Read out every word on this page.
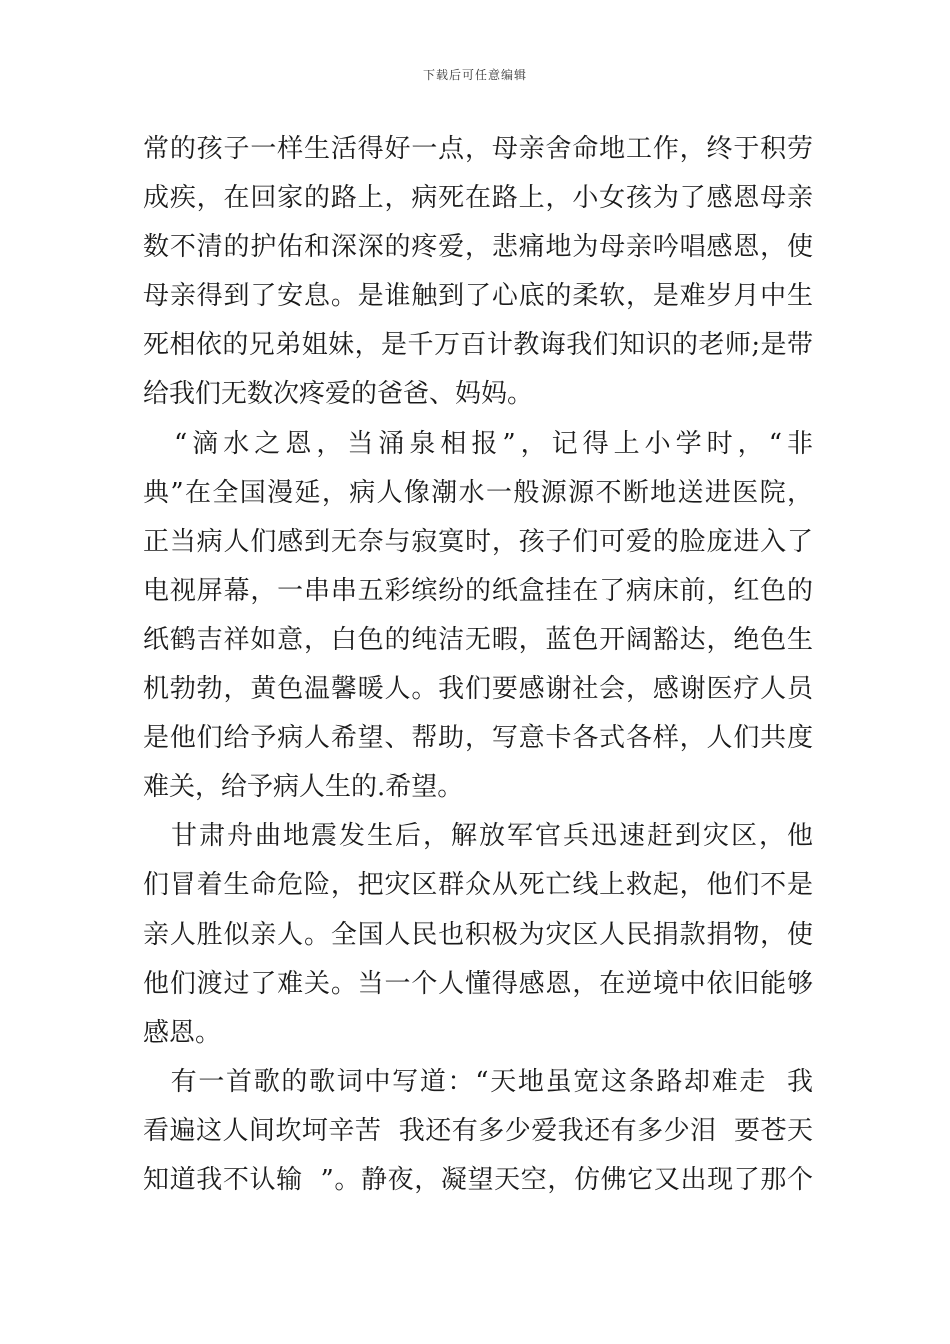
下载后可任意编辑
常的孩子一样生活得好一点，母亲舍命地工作，终于积劳
成疾，在回家的路上，病死在路上，小女孩为了感恩母亲
数不清的护佑和深深的疼爱，悲痛地为母亲吟唱感恩，使
母亲得到了安息。是谁触到了心底的柔软，是难岁月中生
死相依的兄弟姐妹，是千万百计教诲我们知识的老师;是带
给我们无数次疼爱的爸爸、妈妈。
　“滴水之恩，当涌泉相报”，记得上小学时，“非
典”在全国漫延，病人像潮水一般源源不断地送进医院，
正当病人们感到无奈与寂寞时，孩子们可爱的脸庞进入了
电视屏幕，一串串五彩缤纷的纸盒挂在了病床前，红色的
纸鹤吉祥如意，白色的纯洁无暇，蓝色开阔豁达，绝色生
机勃勃，黄色温馨暖人。我们要感谢社会，感谢医疗人员
是他们给予病人希望、帮助，写意卡各式各样，人们共度
难关，给予病人生的.希望。
　甘肃舟曲地震发生后，解放军官兵迅速赶到灾区，他
们冒着生命危险，把灾区群众从死亡线上救起，他们不是
亲人胜似亲人。全国人民也积极为灾区人民捐款捐物，使
他们渡过了难关。当一个人懂得感恩，在逆境中依旧能够
感恩。
　有一首歌的歌词中写道：“天地虽宽这条路却难走  我
看遍这人间坎坷辛苦  我还有多少爱我还有多少泪  要苍天
知道我不认输  ”。静夜，凝望天空，仿佛它又出现了那个
